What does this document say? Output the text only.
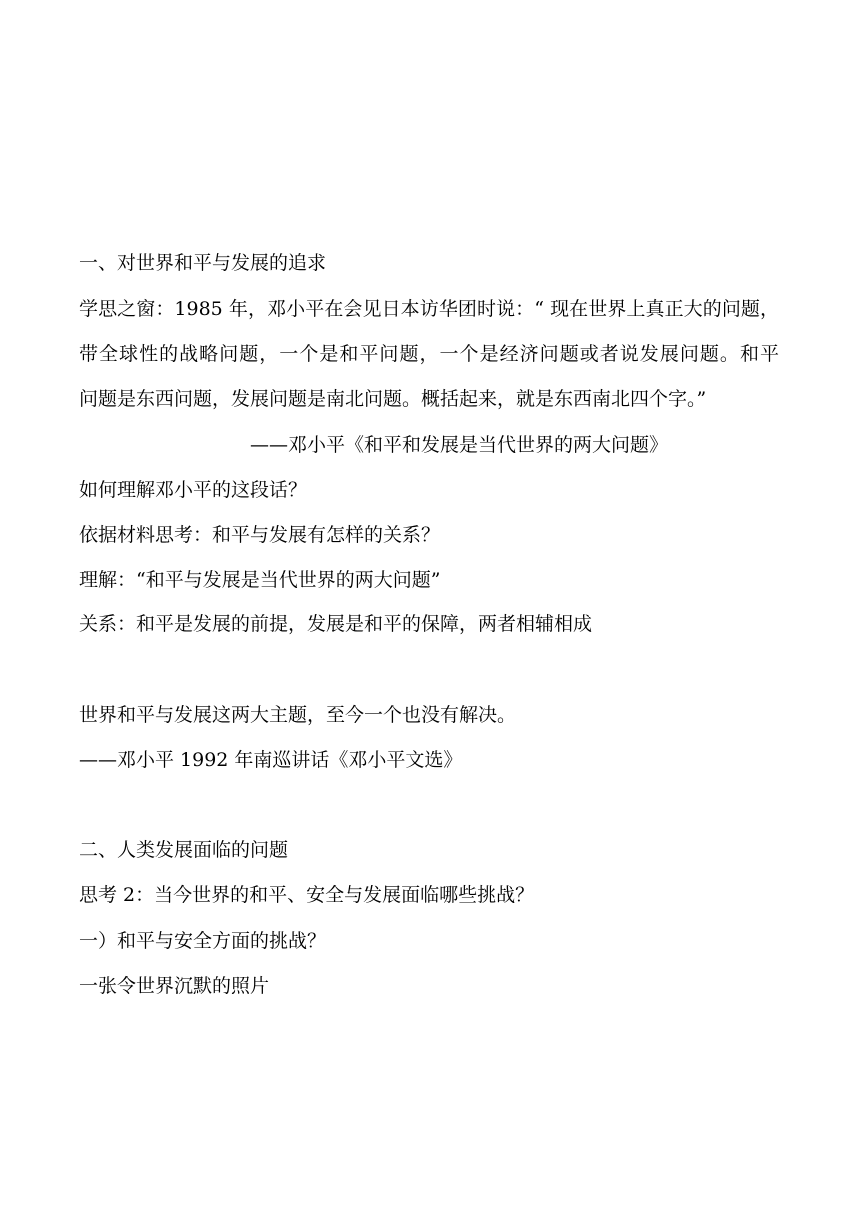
一、对世界和平与发展的追求
学思之窗：1985 年，邓小平在会见日本访华团时说：“ 现在世界上真正大的问题，
带全球性的战略问题，一个是和平问题，一个是经济问题或者说发展问题。和平
问题是东西问题，发展问题是南北问题。概括起来，就是东西南北四个字。”
——邓小平《和平和发展是当代世界的两大问题》
如何理解邓小平的这段话？
依据材料思考：和平与发展有怎样的关系？
理解：“和平与发展是当代世界的两大问题”
关系：和平是发展的前提，发展是和平的保障，两者相辅相成
世界和平与发展这两大主题，至今一个也没有解决。
——邓小平 1992 年南巡讲话《邓小平文选》
二、人类发展面临的问题
思考 2：当今世界的和平、安全与发展面临哪些挑战？
一）和平与安全方面的挑战？
一张令世界沉默的照片
